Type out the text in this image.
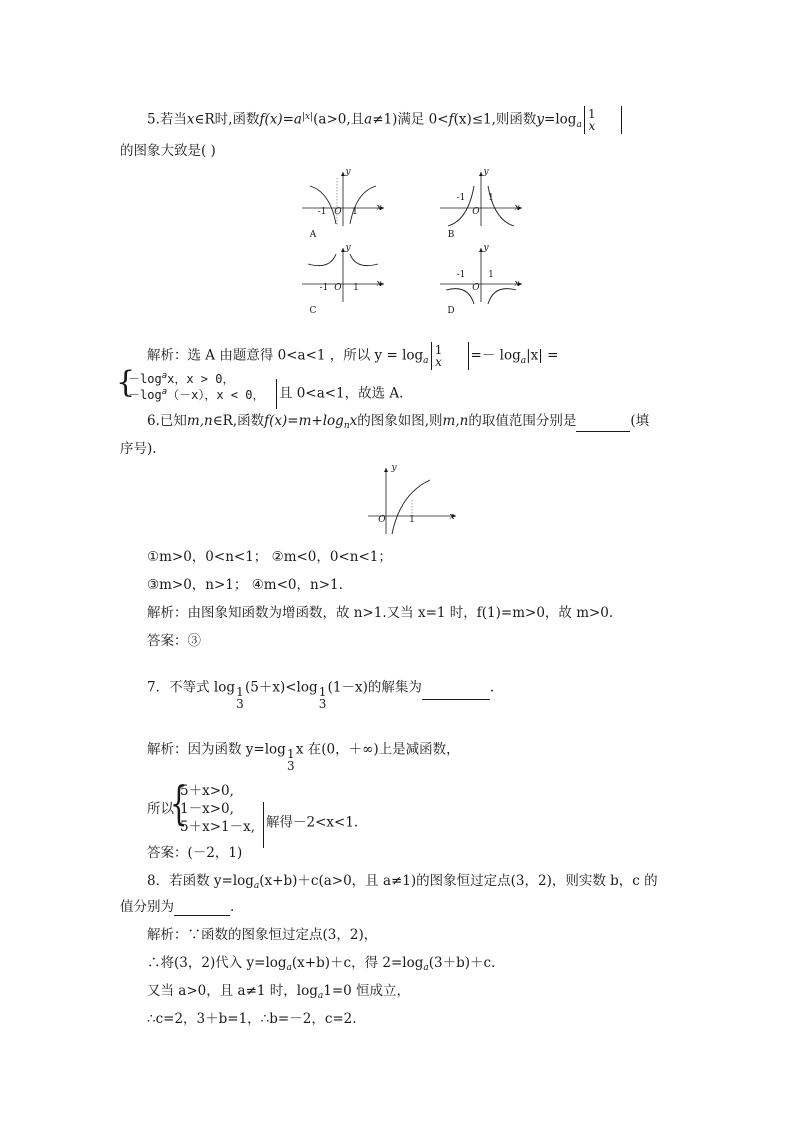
5.若当x∈R时,函数$f(x)=a^{|x|}(a>0$,且a≠1)满足 0<f(x)≤1,则函数$y=\log_a$
1
x
的图象大致是( )
-1 O	1	x
y
A
-1
O
1
x
y
B
-1 O	1	x
y
C
-1
O
1
x
y
D
解析：选 A 由题意得 0<a<1 ，所以 $y = \log_a$
1
$x =- \log_a|x|$ =
{
$-\log^ax$，x > 0，
$-\log^a(-x)$，x < 0， 且 0<a<1，故选 A.
6.已知m,n∈R,函数$f(x)=m+\log_nx$的图象如图,则m,n的取值范围分别是	(填
序号).
O	1	x
y
①m>0，0<n<1； ②m<0，0<n<1；
③m>0，n>1； ④m<0，n>1.
解析：由图象知函数为增函数，故 n>1.又当 x=1 时，f(1)=m>0，故 m>0.
答案：③
7．不等式 log 1
3
(5＋x)<log 1
3
(1－x)的解集为	.
解析：因为函数 y=log 1
3
x 在(0，＋∞)上是减函数，
所以
{
5＋x>0,
1－x>0,
5＋x>1－x, 解得－2<x<1.
答案：(－2，1)
8．若函数 $y=\log_a(x+b)+c(a>0$，且 a≠1)的图象恒过定点(3，2)，则实数 b，c 的
值分别为	.
解析：∵函数的图象恒过定点(3，2)，
∴将(3，2)代入 $y=\log_a(x+b)+c$，得 $2=\log_a(3+b)+c$.
又当 a>0，且 a≠1 时，$\log_a1=0$ 恒成立，
∴c=2，3＋b=1，∴b=－2，c=2.
